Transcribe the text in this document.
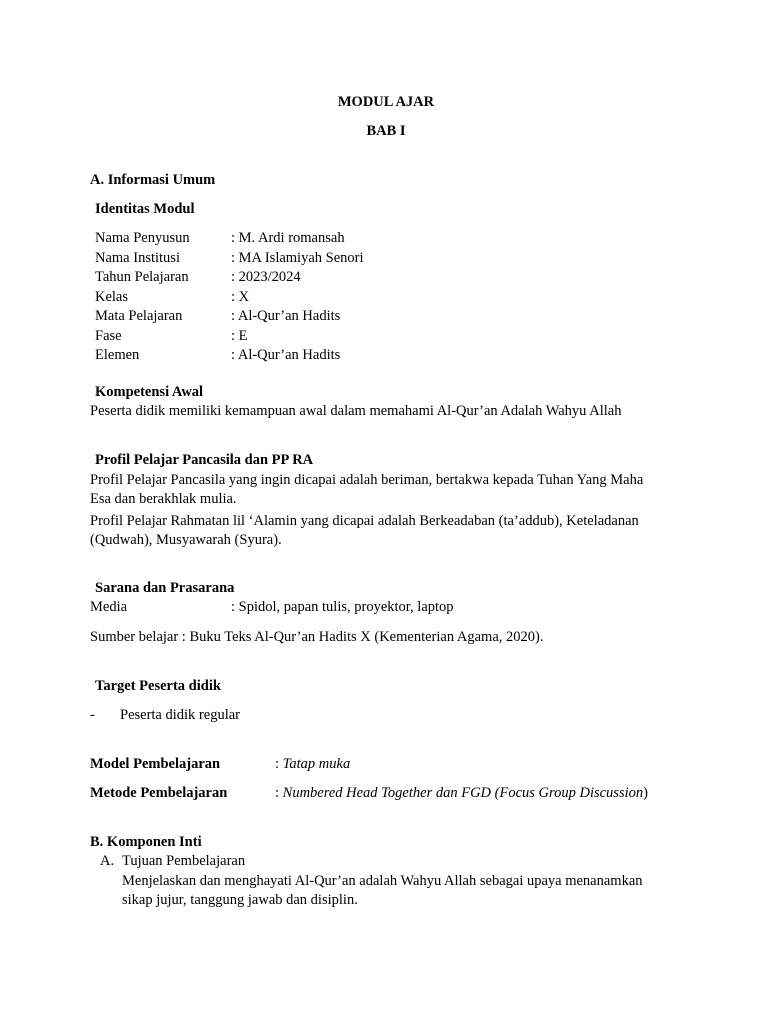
MODUL AJAR
BAB I
A. Informasi Umum
Identitas Modul
Nama Penyusun	: M. Ardi romansah
Nama Institusi	: MA Islamiyah Senori
Tahun Pelajaran	: 2023/2024
Kelas	: X
Mata Pelajaran	: Al-Qur’an Hadits
Fase	: E
Elemen	: Al-Qur’an Hadits
Kompetensi Awal
Peserta didik memiliki kemampuan awal dalam memahami Al-Qur’an Adalah Wahyu Allah
Profil Pelajar Pancasila dan PP RA
Profil Pelajar Pancasila yang ingin dicapai adalah beriman, bertakwa kepada Tuhan Yang Maha
Esa dan berakhlak mulia.
Profil Pelajar Rahmatan lil ‘Alamin yang dicapai adalah Berkeadaban (ta’addub), Keteladanan
(Qudwah), Musyawarah (Syura).
Sarana dan Prasarana
Media	: Spidol, papan tulis, proyektor, laptop
Sumber belajar : Buku Teks Al-Qur’an Hadits X (Kementerian Agama, 2020).
Target Peserta didik
- Peserta didik regular
Model Pembelajaran	: Tatap muka
Metode Pembelajaran	: Numbered Head Together dan FGD (Focus Group Discussion)
B. Komponen Inti
A. Tujuan Pembelajaran
Menjelaskan dan menghayati Al-Qur’an adalah Wahyu Allah sebagai upaya menanamkan
sikap jujur, tanggung jawab dan disiplin.
